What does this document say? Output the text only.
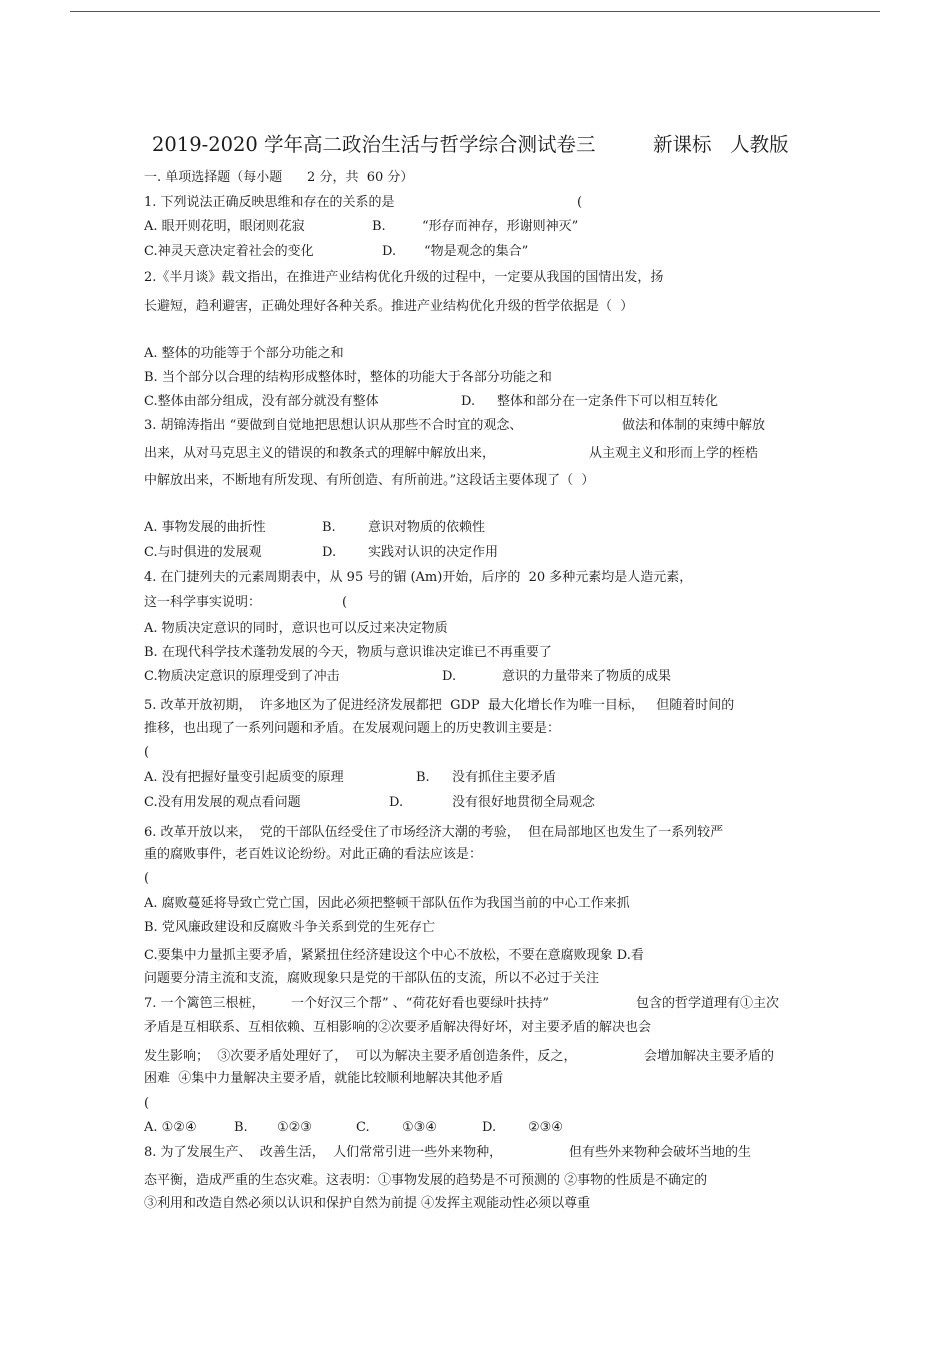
2019-2020 学年高二政治生活与哲学综合测试卷三

	新课标   人教版

一. 单项选择题（每小题      2 分，共  60 分）

1. 下列说法正确反映思维和存在的关系的是

	(

A. 眼开则花明，眼闭则花寂

	B.

	“形存而神存，形谢则神灭”

C.神灵天意决定着社会的变化

	D.

“物是观念的集合”

2.《半月谈》载文指出，在推进产业结构优化升级的过程中，一定要从我国的国情出发，扬
长避短，趋利避害，正确处理好各种关系。推进产业结构优化升级的哲学依据是（  ）
A. 整体的功能等于个部分功能之和
B. 当个部分以合理的结构形成整体时，整体的功能大于各部分功能之和

C.整体由部分组成，没有部分就没有整体

	D.

整体和部分在一定条件下可以相互转化

3. 胡锦涛指出 “要做到自觉地把思想认识从那些不合时宜的观念、

	做法和体制的束缚中解放

出来，从对马克思主义的错误的和教条式的理解中解放出来，

	从主观主义和形而上学的桎梏

中解放出来，不断地有所发现、有所创造、有所前进。”这段话主要体现了（  ）

A. 事物发展的曲折性

	B.

意识对物质的依赖性

C.与时俱进的发展观

	D.

实践对认识的决定作用

4. 在门捷列夫的元素周期表中，从 95 号的镅 (Am)开始，后序的  20 多种元素均是人造元素，

这一科学事实说明：

	(

A. 物质决定意识的同时，意识也可以反过来决定物质
B. 在现代科学技术蓬勃发展的今天，物质与意识谁决定谁已不再重要了

C.物质决定意识的原理受到了冲击

	D.

	意识的力量带来了物质的成果

5. 改革开放初期，  许多地区为了促进经济发展都把  GDP  最大化增长作为唯一目标，   但随着时间的
推移，也出现了一系列问题和矛盾。在发展观问题上的历史教训主要是：
(

A. 没有把握好量变引起质变的原理

	B.

没有抓住主要矛盾

C.没有用发展的观点看问题

	D.

	没有很好地贯彻全局观念

6. 改革开放以来，  党的干部队伍经受住了市场经济大潮的考验，  但在局部地区也发生了一系列较严
重的腐败事件，老百姓议论纷纷。对此正确的看法应该是：
(
A. 腐败蔓延将导致亡党亡国，因此必须把整顿干部队伍作为我国当前的中心工作来抓
B. 党风廉政建设和反腐败斗争关系到党的生死存亡
C.要集中力量抓主要矛盾，紧紧扭住经济建设这个中心不放松，不要在意腐败现象 D.看
问题要分清主流和支流，腐败现象只是党的干部队伍的支流，所以不必过于关注

7. 一个篱笆三根桩，

一个好汉三个帮” 、“荷花好看也要绿叶扶持”

	包含的哲学道理有①主次

矛盾是互相联系、互相依赖、互相影响的②次要矛盾解决得好坏，对主要矛盾的解决也会

发生影响；  ③次要矛盾处理好了，  可以为解决主要矛盾创造条件，反之，

	会增加解决主要矛盾的

困难  ④集中力量解决主要矛盾，就能比较顺利地解决其他矛盾
(

A. ①②④

	B.

①②③

	C.

①③④

	D.

②③④

8. 为了发展生产、  改善生活，  人们常常引进一些外来物种，

	但有些外来物种会破坏当地的生

态平衡，造成严重的生态灾难。这表明：①事物发展的趋势是不可预测的 ②事物的性质是不确定的
③利用和改造自然必须以认识和保护自然为前提 ④发挥主观能动性必须以尊重
